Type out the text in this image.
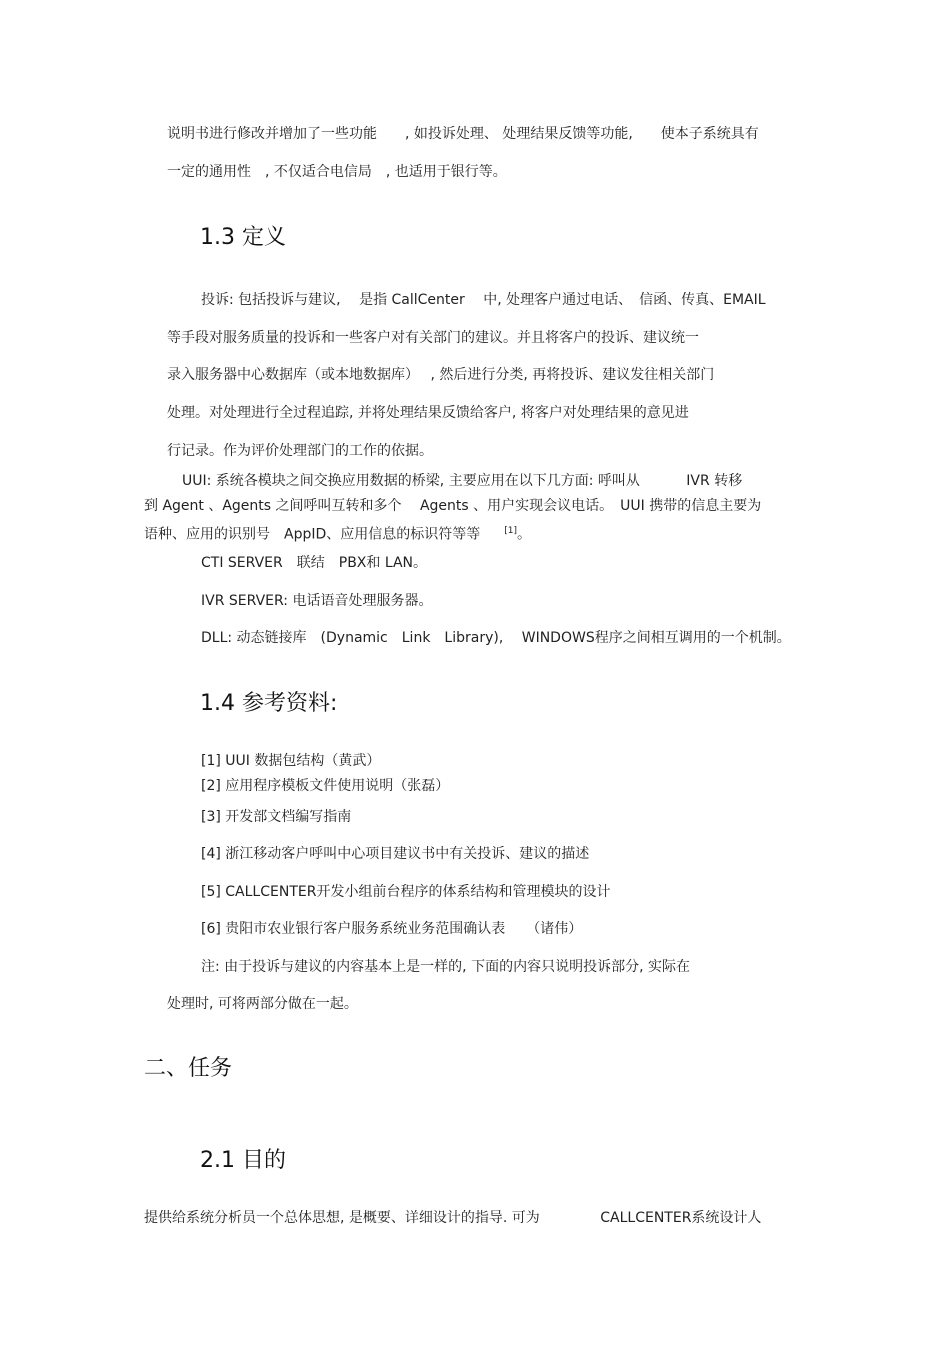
说明书进行修改并增加了一些功能　　, 如投诉处理、 处理结果反馈等功能,　　使本子系统具有
一定的通用性　, 不仅适合电信局　, 也适用于银行等。
1.3 定义
投诉: 包括投诉与建议,　 是指 CallCenter　 中, 处理客户通过电话、　信函、传真、EMAIL
等手段对服务质量的投诉和一些客户对有关部门的建议。并且将客户的投诉、建议统一
录入服务器中心数据库（或本地数据库）　 , 然后进行分类, 再将投诉、建议发往相关部门
处理。对处理进行全过程追踪, 并将处理结果反馈给客户, 将客户对处理结果的意见进
行记录。作为评价处理部门的工作的依据。
UUI: 系统各模块之间交换应用数据的桥梁, 主要应用在以下几方面: 呼叫从　　　 IVR 转移
到 Agent 、Agents 之间呼叫互转和多个　 Agents 、用户实现会议电话。　UUI 携带的信息主要为
语种、应用的识别号　AppID、应用信息的标识符等等	[1]。
CTI SERVER　联结　PBX和 LAN。
IVR SERVER: 电话语音处理服务器。
DLL: 动态链接库　(Dynamic　Link　Library),　 WINDOWS程序之间相互调用的一个机制。
1.4 参考资料:
[1] UUI 数据包结构（黄武）
[2] 应用程序模板文件使用说明（张磊）
[3] 开发部文档编写指南
[4] 浙江移动客户呼叫中心项目建议书中有关投诉、建议的描述
[5] CALLCENTER开发小组前台程序的体系结构和管理模块的设计
[6] 贵阳市农业银行客户服务系统业务范围确认表　　（诸伟）
注: 由于投诉与建议的内容基本上是一样的, 下面的内容只说明投诉部分, 实际在
处理时, 可将两部分做在一起。
二、任务
2.1 目的
提供给系统分析员一个总体思想, 是概要、详细设计的指导. 可为　　　　 CALLCENTER系统设计人
